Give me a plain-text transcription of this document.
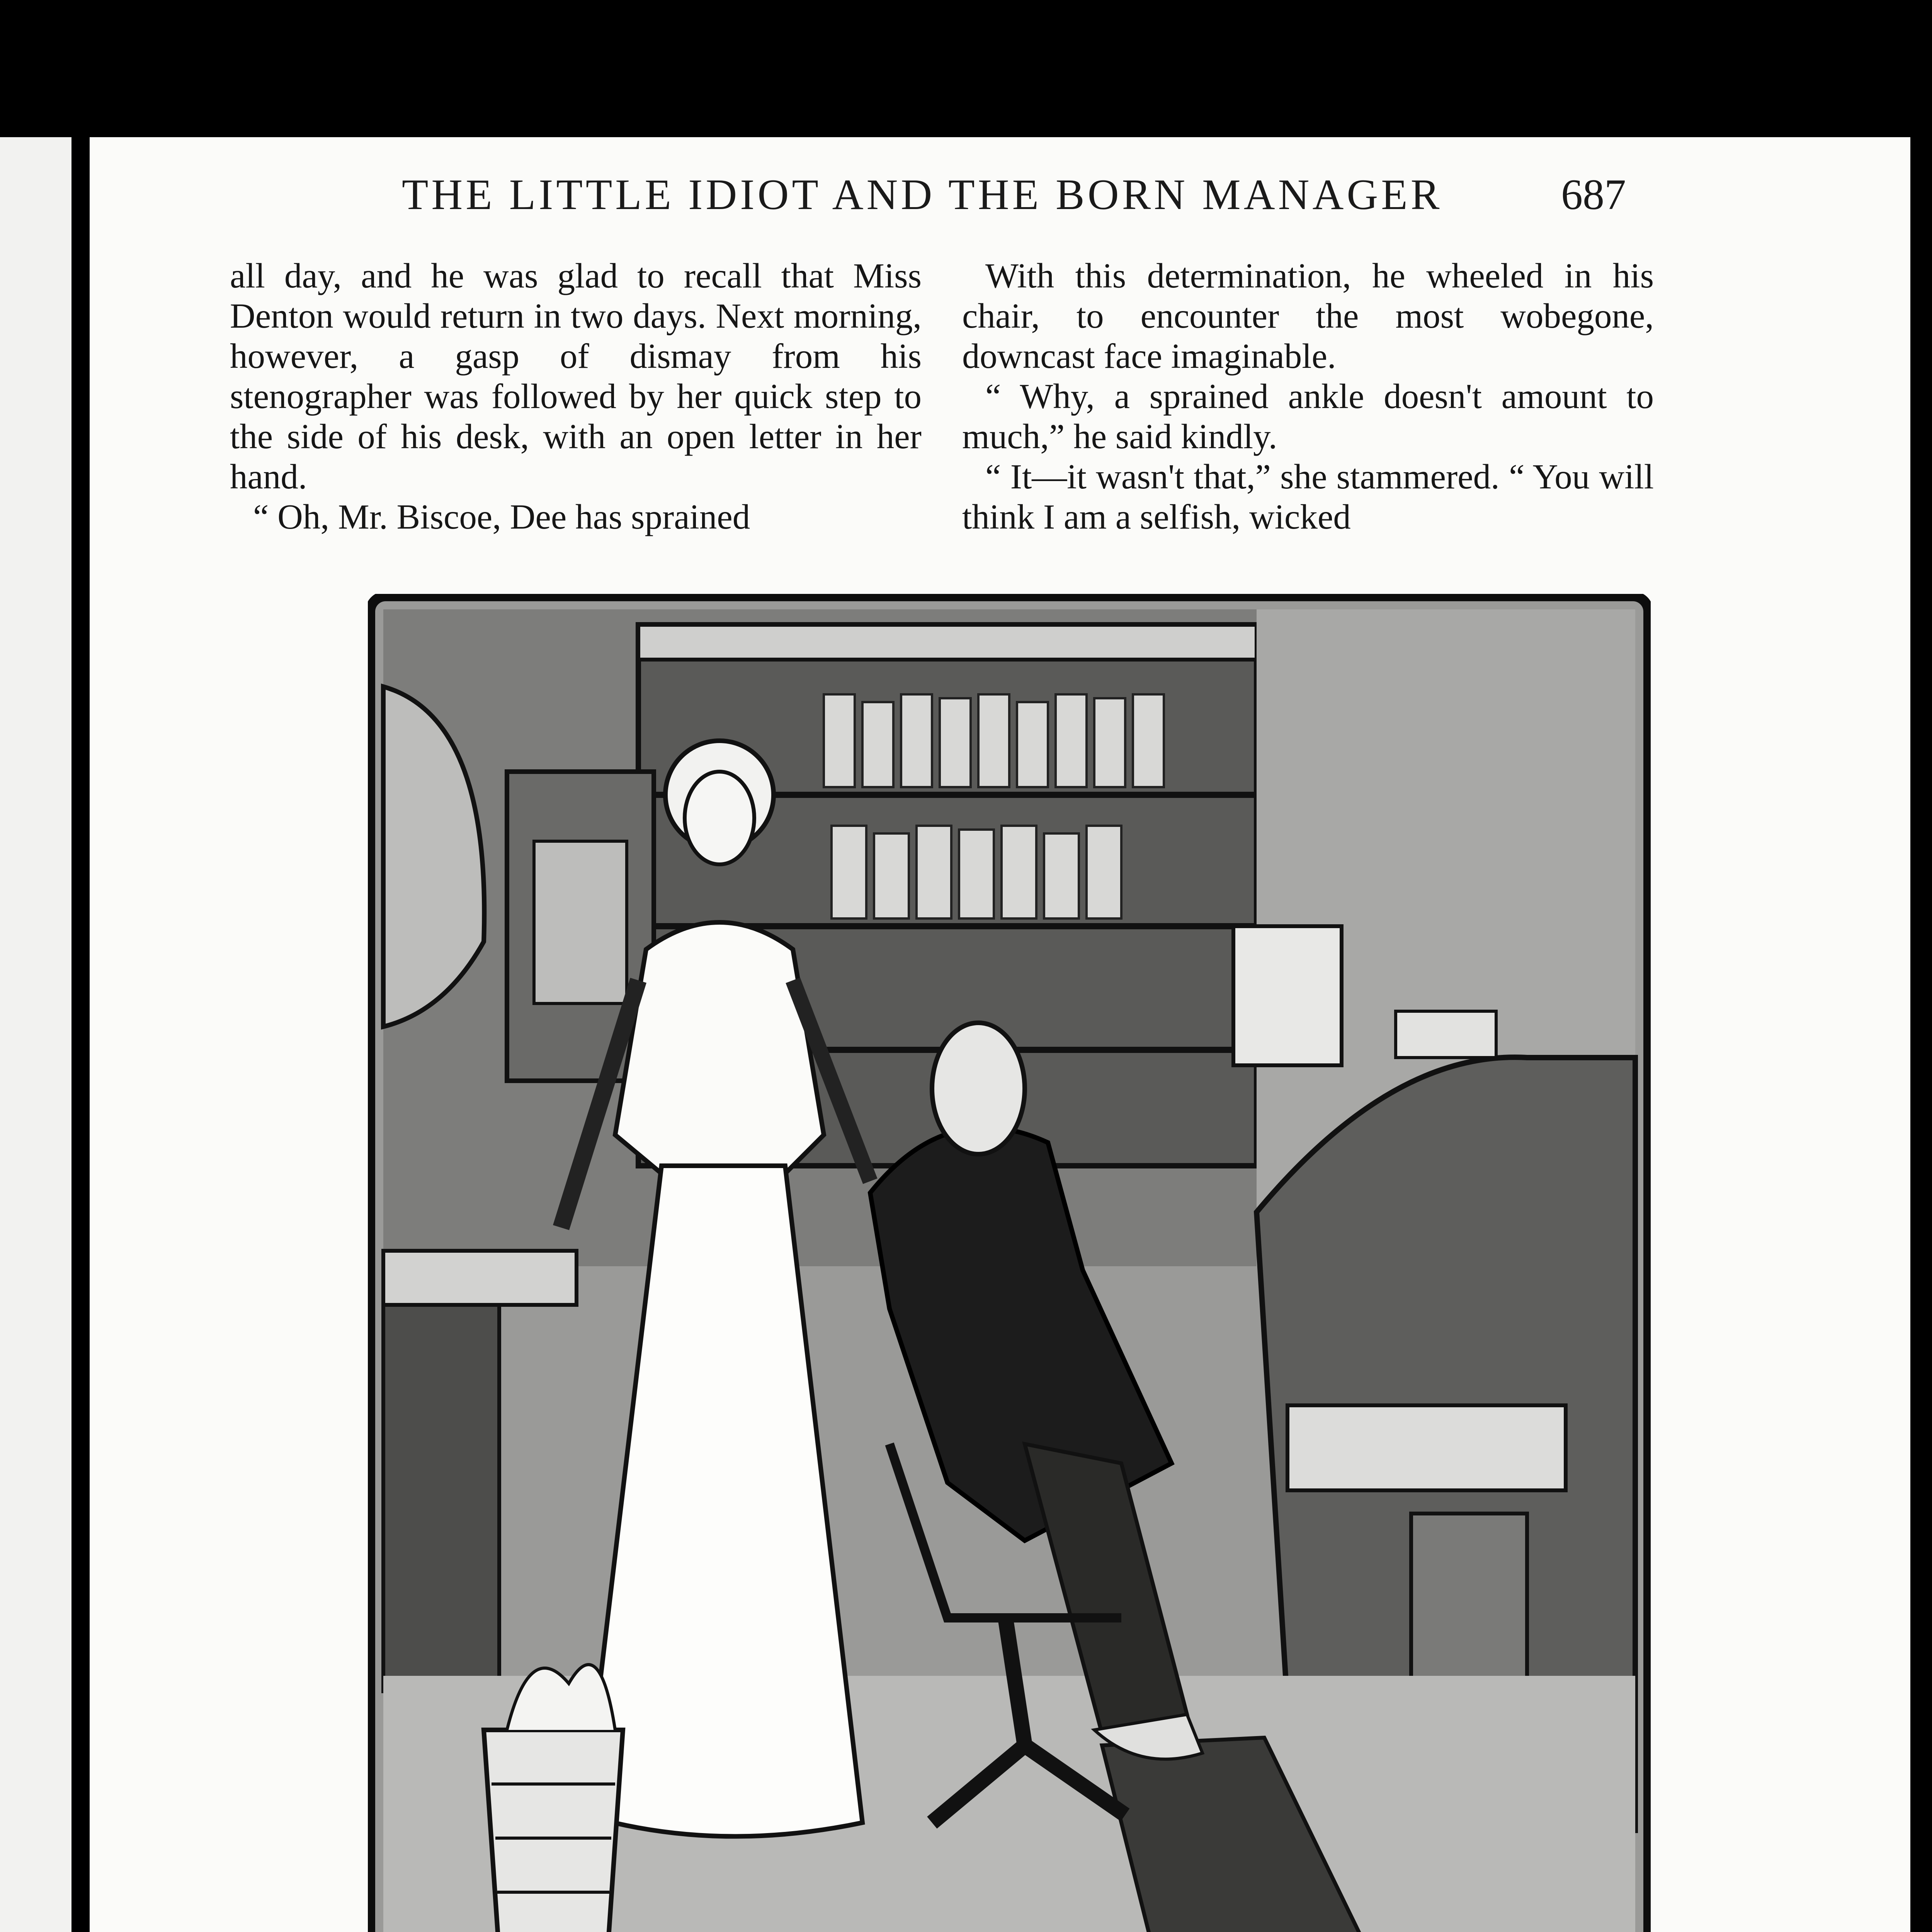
THE LITTLE IDIOT AND THE BORN MANAGER	687

all day, and he was glad to recall that Miss Denton would return in two days. Next morning, however, a gasp of dismay from his stenographer was followed by her quick step to the side of his desk, with an open letter in her hand.

“ Oh, Mr. Biscoe, Dee has sprained

With this determination, he wheeled in his chair, to encounter the most wobegone, downcast face imaginable.

“ Why, a sprained ankle doesn't amount to much,” he said kindly.

“ It—it wasn't that,” she stammered. “ You will think I am a selfish, wicked
